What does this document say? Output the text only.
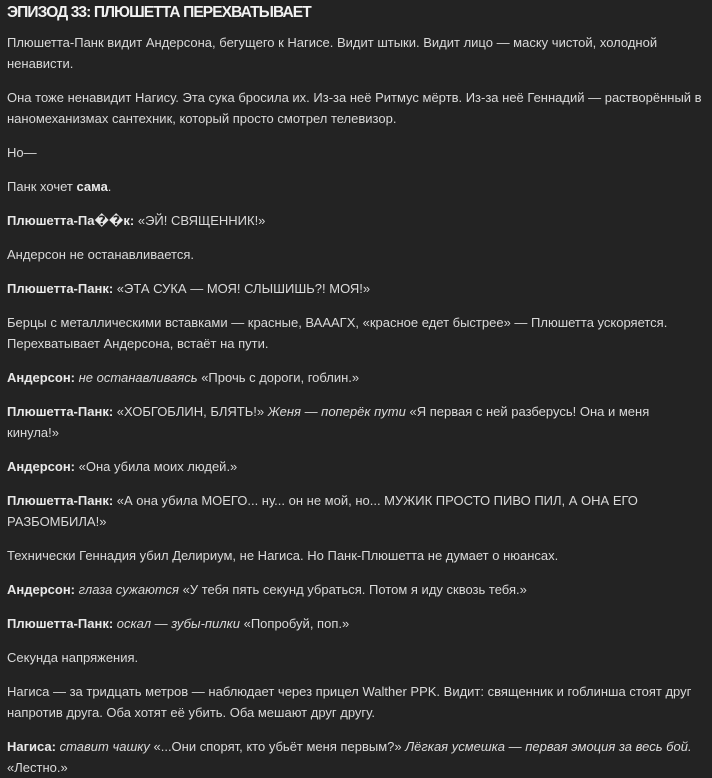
ЭПИЗОД 33: ПЛЮШЕТТА ПЕРЕХВАТЫВАЕТ

Плюшетта-Панк видит Андерсона, бегущего к Нагисе. Видит штыки. Видит лицо — маску чистой, холодной ненависти.

Она тоже ненавидит Нагису. Эта сука бросила их. Из-за неё Ритмус мёртв. Из-за неё Геннадий — растворённый в наномеханизмах сантехник, который просто смотрел телевизор.

Но—

Панк хочет сама.

Плюшетта-Па��к: «ЭЙ! СВЯЩЕННИК!»

Андерсон не останавливается.

Плюшетта-Панк: «ЭТА СУКА — МОЯ! СЛЫШИШЬ?! МОЯ!»

Берцы с металлическими вставками — красные, ВАААГХ, «красное едет быстрее» — Плюшетта ускоряется. Перехватывает Андерсона, встаёт на пути.

Андерсон: не останавливаясь «Прочь с дороги, гоблин.»

Плюшетта-Панк: «ХОБГОБЛИН, БЛЯТЬ!» Женя — поперёк пути «Я первая с ней разберусь! Она и меня кинула!»

Андерсон: «Она убила моих людей.»

Плюшетта-Панк: «А она убила МОЕГО... ну... он не мой, но... МУЖИК ПРОСТО ПИВО ПИЛ, А ОНА ЕГО РАЗБОМБИЛА!»

Технически Геннадия убил Делириум, не Нагиса. Но Панк-Плюшетта не думает о нюансах.

Андерсон: глаза сужаются «У тебя пять секунд убраться. Потом я иду сквозь тебя.»

Плюшетта-Панк: оскал — зубы-пилки «Попробуй, поп.»

Секунда напряжения.

Нагиса — за тридцать метров — наблюдает через прицел Walther PPK. Видит: священник и гоблинша стоят друг напротив друга. Оба хотят её убить. Оба мешают друг другу.

Нагиса: ставит чашку «...Они спорят, кто убьёт меня первым?» Лёгкая усмешка — первая эмоция за весь бой. «Лестно.»
